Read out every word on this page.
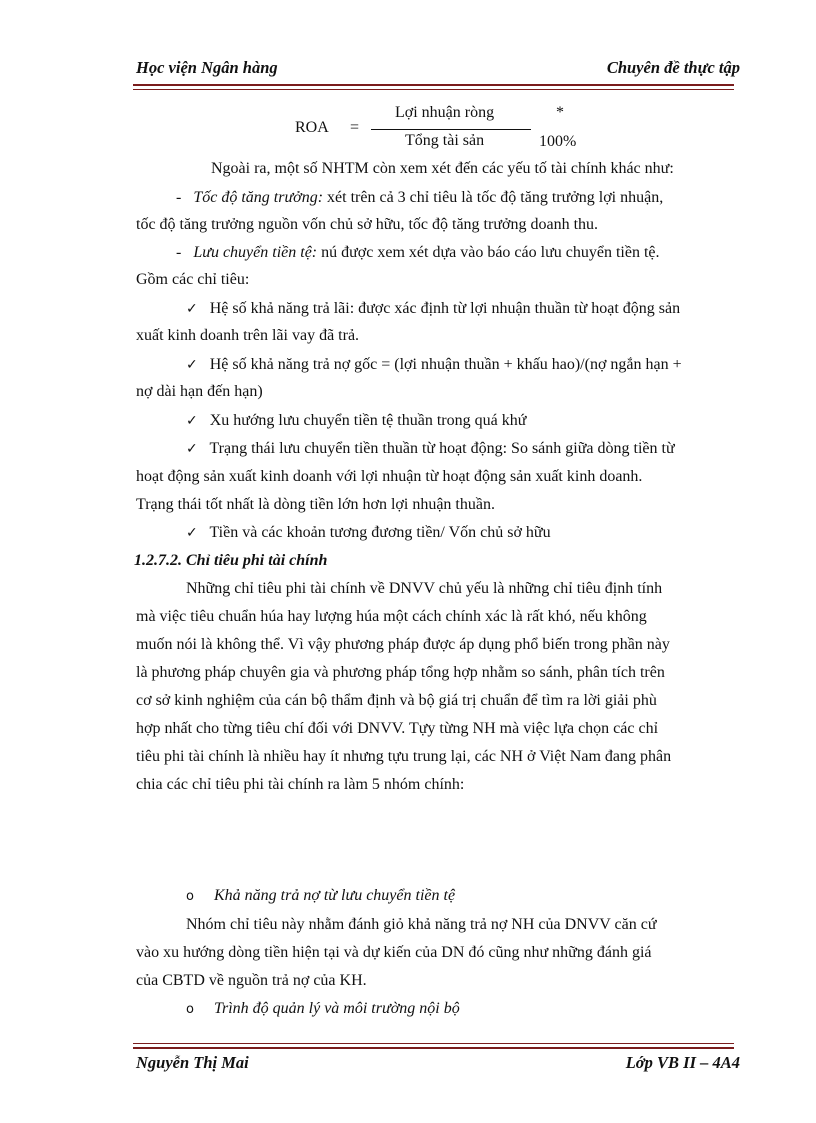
Học viện Ngân hàng	Chuyên đề thực tập
ROA =
Lợi nhuận ròng	*
Tổng tài sản	100%
Ngoài ra, một số NHTM còn xem xét đến các yếu tố tài chính khác như:
- Tốc độ tăng trưởng: xét trên cả 3 chỉ tiêu là tốc độ tăng trưởng lợi nhuận,
tốc độ tăng trưởng nguồn vốn chủ sở hữu, tốc độ tăng trưởng doanh thu.
- Lưu chuyển tiền tệ: nú được xem xét dựa vào báo cáo lưu chuyển tiền tệ.
Gồm các chỉ tiêu:
✓ Hệ số khả năng trả lãi: được xác định từ lợi nhuận thuần từ hoạt động sản
xuất kinh doanh trên lãi vay đã trả.
✓ Hệ số khả năng trả nợ gốc = (lợi nhuận thuần + khấu hao)/(nợ ngắn hạn +
nợ dài hạn đến hạn)
✓ Xu hướng lưu chuyển tiền tệ thuần trong quá khứ
✓ Trạng thái lưu chuyển tiền thuần từ hoạt động: So sánh giữa dòng tiền từ
hoạt động sản xuất kinh doanh với lợi nhuận từ hoạt động sản xuất kinh doanh.
Trạng thái tốt nhất là dòng tiền lớn hơn lợi nhuận thuần.
✓ Tiền và các khoản tương đương tiền/ Vốn chủ sở hữu
1.2.7.2. Chỉ tiêu phi tài chính
Những chỉ tiêu phi tài chính về DNVV chủ yếu là những chỉ tiêu định tính
mà việc tiêu chuẩn húa hay lượng húa một cách chính xác là rất khó, nếu không
muốn nói là không thể. Vì vậy phương pháp được áp dụng phổ biến trong phần này
là phương pháp chuyên gia và phương pháp tổng hợp nhằm so sánh, phân tích trên
cơ sở kinh nghiệm của cán bộ thẩm định và bộ giá trị chuẩn để tìm ra lời giải phù
hợp nhất cho từng tiêu chí đối với DNVV. Tựy từng NH mà việc lựa chọn các chỉ
tiêu phi tài chính là nhiều hay ít nhưng tựu trung lại, các NH ở Việt Nam đang phân
chia các chỉ tiêu phi tài chính ra làm 5 nhóm chính:
o Khả năng trả nợ từ lưu chuyển tiền tệ
Nhóm chỉ tiêu này nhằm đánh giỏ khả năng trả nợ NH của DNVV căn cứ
vào xu hướng dòng tiền hiện tại và dự kiến của DN đó cũng như những đánh giá
của CBTD về nguồn trả nợ của KH.
o Trình độ quản lý và môi trường nội bộ
Nguyễn Thị Mai	Lớp VB II – 4A4
